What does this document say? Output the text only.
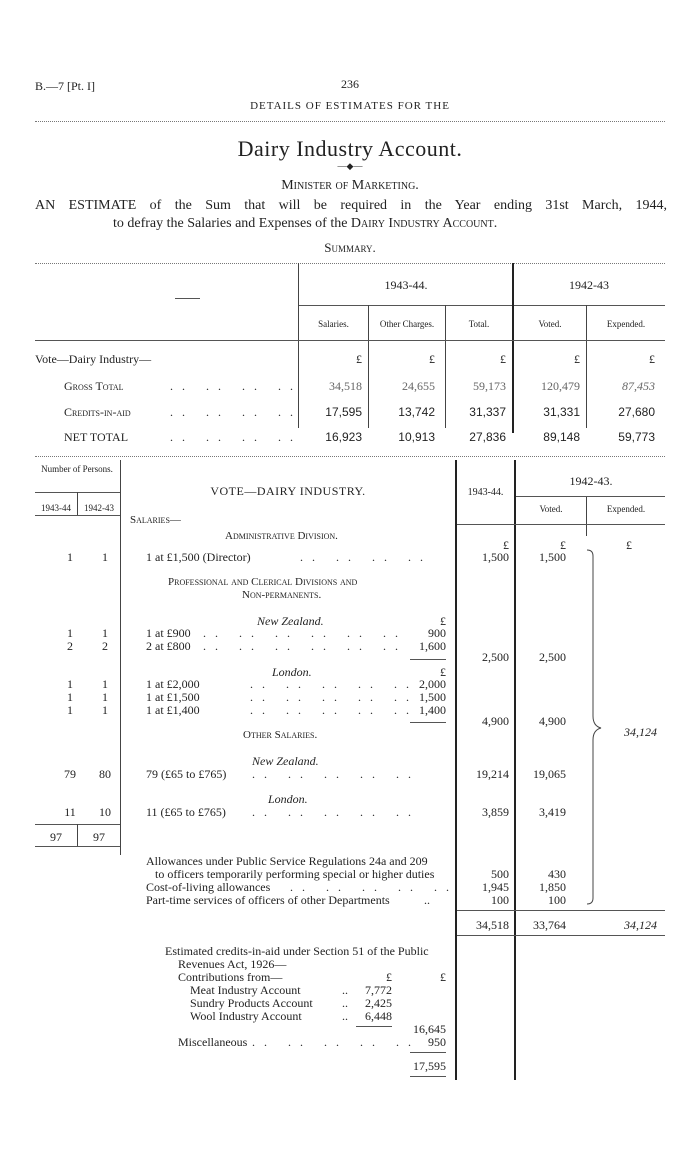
B.—7 [Pt. I]	236
DETAILS OF ESTIMATES FOR THE
Dairy Industry Account.
—◆—
Minister of Marketing.
AN ESTIMATE of the Sum that will be required in the Year ending 31st March, 1944,
to defray the Salaries and Expenses of the Dairy Industry Account.
Summary.
1943-44.	1942-43
Salaries.	Other Charges.	Total.	Voted.	Expended.
Vote—Dairy Industry—	£	£	£	£	£
Gross Total	.. .. .. ..	34,518	24,655	59,173	120,479	87,453
Credits-in-aid	.. .. .. ..	17,595	13,742	31,337	31,331	27,680
NET TOTAL	.. .. .. ..	16,923	10,913	27,836	89,148	59,773
Number of Persons.
1943-44	1942-43
VOTE—DAIRY INDUSTRY.	1943-44.
1942-43.
Voted.	Expended.
Salaries—
Administrative Division.
£	£	£
1	1	1 at £1,500 (Director)	.. .. .. ..	1,500	1,500
Professional and Clerical Divisions and
Non-permanents.
New Zealand.	£
1	1	1 at £900 .. .. .. .. .. ..	900
2	2	2 at £800 .. .. .. .. .. ..	1,600
2,500	2,500
London.	£
1	1	1 at £2,000	.. .. .. .. .. 2,000
1	1	1 at £1,500	.. .. .. .. .. 1,500
1	1	1 at £1,400	.. .. .. .. .. 1,400
4,900	4,900
Other Salaries.	34,124
New Zealand.
79	80	79 (£65 to £765) .. .. .. .. ..	19,214	19,065
London.
11	10	11 (£65 to £765) .. .. .. .. ..	3,859	3,419
97	97
Allowances under Public Service Regulations 24a and 209
to officers temporarily performing special or higher duties	500	430
Cost-of-living allowances .. .. .. .. ..	1,945	1,850
Part-time services of officers of other Departments	..	100	100
34,518	33,764	34,124
Estimated credits-in-aid under Section 51 of the Public
Revenues Act, 1926—
Contributions from—	£	£
Meat Industry Account	..	7,772
Sundry Products Account ..	2,425
Wool Industry Account	..	6,448
16,645
Miscellaneous .. .. .. .. .. 950
17,595
